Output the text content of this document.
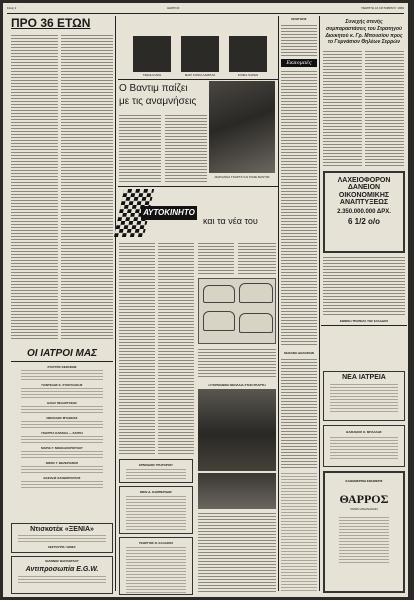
Σελίς 2	ΘΑΡΡΟΣ	ΠΕΜΠΤΗ 16 ΟΚΤΩΒΡΙΟΥ 1969
ΠΡΟ 36 ΕΤΩΝ
ΟΙ ΙΑΤΡΟΙ ΜΑΣ
ΣΤΑΥΡΟΣ ΚΕΣΚΙΝΗΣ
ΠΑΝΤΕΛΗΣ Ε. ΣΥΚΟΥΛΑΚΗΣ
ΗΛΙΑΣ ΠΕΛΑΡΓΑΚΗΣ
ΝΙΚΟΛΑΟΣ ΜΥΛΩΝΑΣ
ΓΕΩΡΓΙΑ ΚΑΡΑΚΗ — ΣΑΡΡΗ
ΜΑΡΙΑ Γ. ΝΙΚΟΛΑΚΟΠΟΥΛΟΥ
ΝΙΚΟΣ Γ. ΒΕΖΕΡΙΑΝΟΣ
ΒΑΣΙΛΗΣ ΧΑΝΘΟΠΟΥΛΟΣ
Ντισκοτέκ «ΞΕΝΙΑ»
ΧΕΣΤΟΥΡΙΑ 'ΞΕΝΙΑ'
ΙΩΑΝΝΗΣ ΒΑΣΙΛΟΓΛΟΥ
Αντιπροσωπία E.G.W.
ΤΖΕΝΗ ΚΑΡΑ	ΜΑΡΙ ΣΟΝΙΑ ΛΑΜΠΑΣ	ΣΟΦΙΑ ΛΟΡΕΝ
Ο Βαντιμ παίζει
με τις αναμνήσεις
ΜΑΡΙΑΝΝΑ ΤΖΩΡΤΖ ΚΑΙ ΡΟΖΕ ΒΑΝΤΙΜ
ΑΥΤΟΚΙΝΗΤΟ
και τα νέα του
Η ΓΕΡΜΑΝΙΚΗ ΝΕΟΛΑΙΑ ΣΤΗΝ ΣΠΑΡΤΗ
ΕΡΜΟΔΙΟΣ ΓΡΗΓΟΡΙΟΥ
ΜΙΚΕ Δ. ΚΑΜΠΕΡΙΔΗΣ
ΓΕΩΡΓΙΟΣ Ν. ΚΑΛΑΚΟΣ
ΕΙΣΗΓΗΣΙΣ
Εκπομπές
ΜΗΧΑΝΗ ΔΗΛΩΣΙΩΝ
Συνεχής στενής
συμπαραστάσεις του Στρατηγού
Διοικητού κ. Γρ. Μπουσίου προς
το Γυμνάσιον Θηλέων Σερρών
ΛΑΧΕΙΟΦΟΡΟΝ
ΔΑΝΕΙΟΝ
ΟΙΚΟΝΟΜΙΚΗΣ
ΑΝΑΠΤΥΞΕΩΣ
2.350.000.000 ΔΡΧ.
6 1/2 ο/ο
ΕΘΝΙΚΗ ΤΡΑΠΕΖΑ ΤΗΣ ΕΛΛΑΔΟΣ
ΝΕΑ ΙΑΤΡΕΙΑ
ΒΑΣΙΛΕΙΟΣ Κ. ΜΠΑΛΛΗΣ
ΚΑΘΗΜΕΡΙΝΗ ΕΦΗΜΕΡΙΣ
ΘΑΡΡΟΣ
ΡΙΖΩΝ ΑΝΗΛΙΑΚΩΝ
